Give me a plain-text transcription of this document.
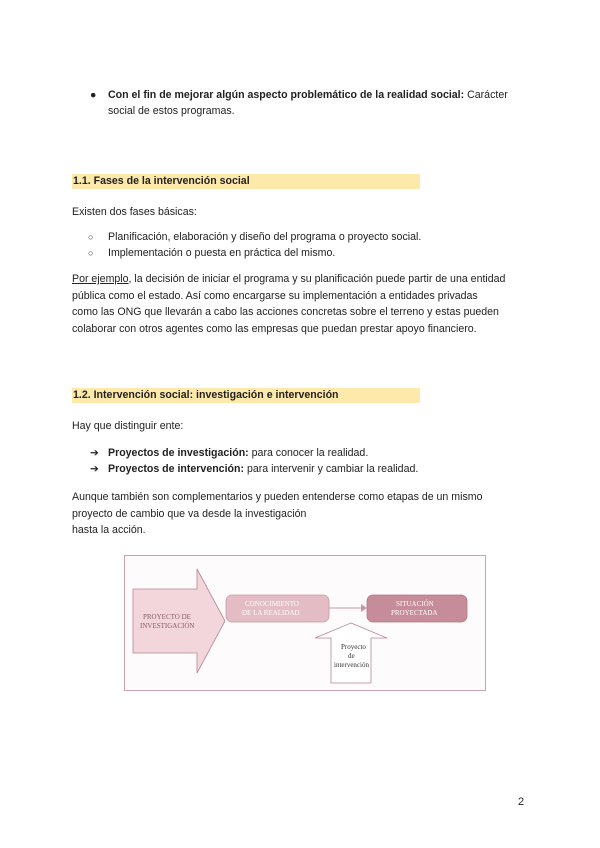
●	Con el fin de mejorar algún aspecto problemático de la realidad social: Carácter
social de estos programas.
1.1. Fases de la intervención social
Existen dos fases básicas:
○ Planificación, elaboración y diseño del programa o proyecto social.
○ Implementación o puesta en práctica del mismo.
Por ejemplo, la decisión de iniciar el programa y su planificación puede partir de una entidad
pública como el estado. Así como encargarse su implementación a entidades privadas
como las ONG que llevarán a cabo las acciones concretas sobre el terreno y estas pueden
colaborar con otros agentes como las empresas que puedan prestar apoyo financiero.
1.2. Intervención social: investigación e intervención
Hay que distinguir ente:
➔ Proyectos de investigación: para conocer la realidad.
➔ Proyectos de intervención: para intervenir y cambiar la realidad.
Aunque también son complementarios y pueden entenderse como etapas de un mismo
proyecto de cambio que va desde la investigación
hasta la acción.
PROYECTO DE
INVESTIGACIÓN
CONOCIMIENTO
DE LA REALIDAD
SITUACIÓN
PROYECTADA
Proyecto
de
intervención
2
